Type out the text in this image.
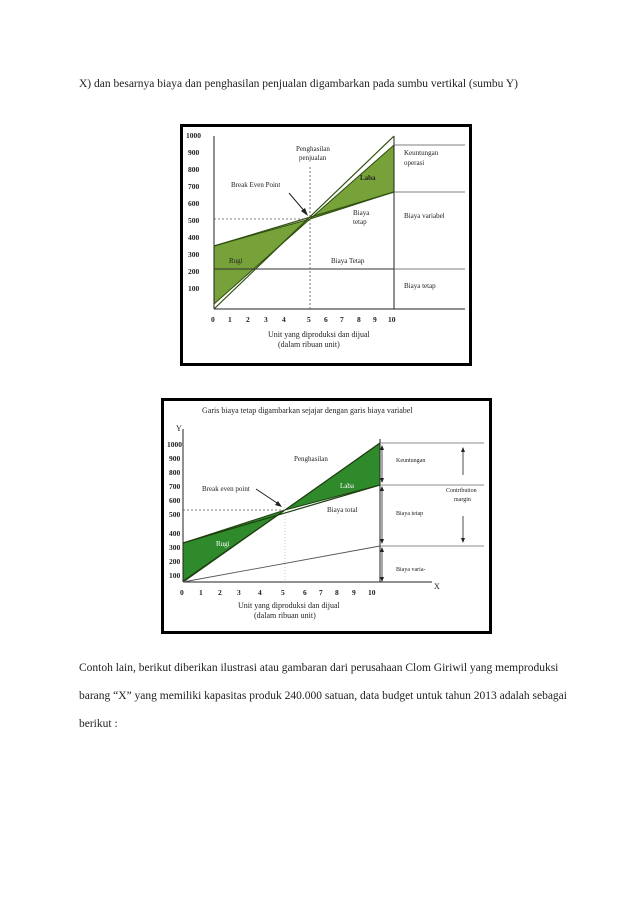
X) dan besarnya biaya dan penghasilan penjualan digambarkan pada sumbu vertikal (sumbu Y)
1000
900
800
700
600
500
400
300
200
100
0 1 2 3 4	5 6 7 8 9 10
Unit yang diproduksi dan dijual
(dalam ribuan unit)
Penghasilan
penjualan
Break Even Point
Laba
Biaya
tetap
Rugi	Biaya Tetap
Keuntungan
operasi
Biaya variabel
Biaya tetap
Garis biaya tetap digambarkan sejajar dengan garis biaya variabel
Y
X
1000
900
800
700
600
500
400
300
200
100
0 1 2 3 4	5 6 7 8 9 10
Unit yang diproduksi dan dijual
(dalam ribuan unit)
Penghasilan
Break even point	Laba
Biaya total
Rugi
Keuntungan
Biaya tetap
Biaya varia-
Contribution
margin
Contoh lain, berikut diberikan ilustrasi atau gambaran dari perusahaan Clom Giriwil yang memproduksi barang “X” yang memiliki kapasitas produk 240.000 satuan, data budget untuk tahun 2013 adalah sebagai berikut :
